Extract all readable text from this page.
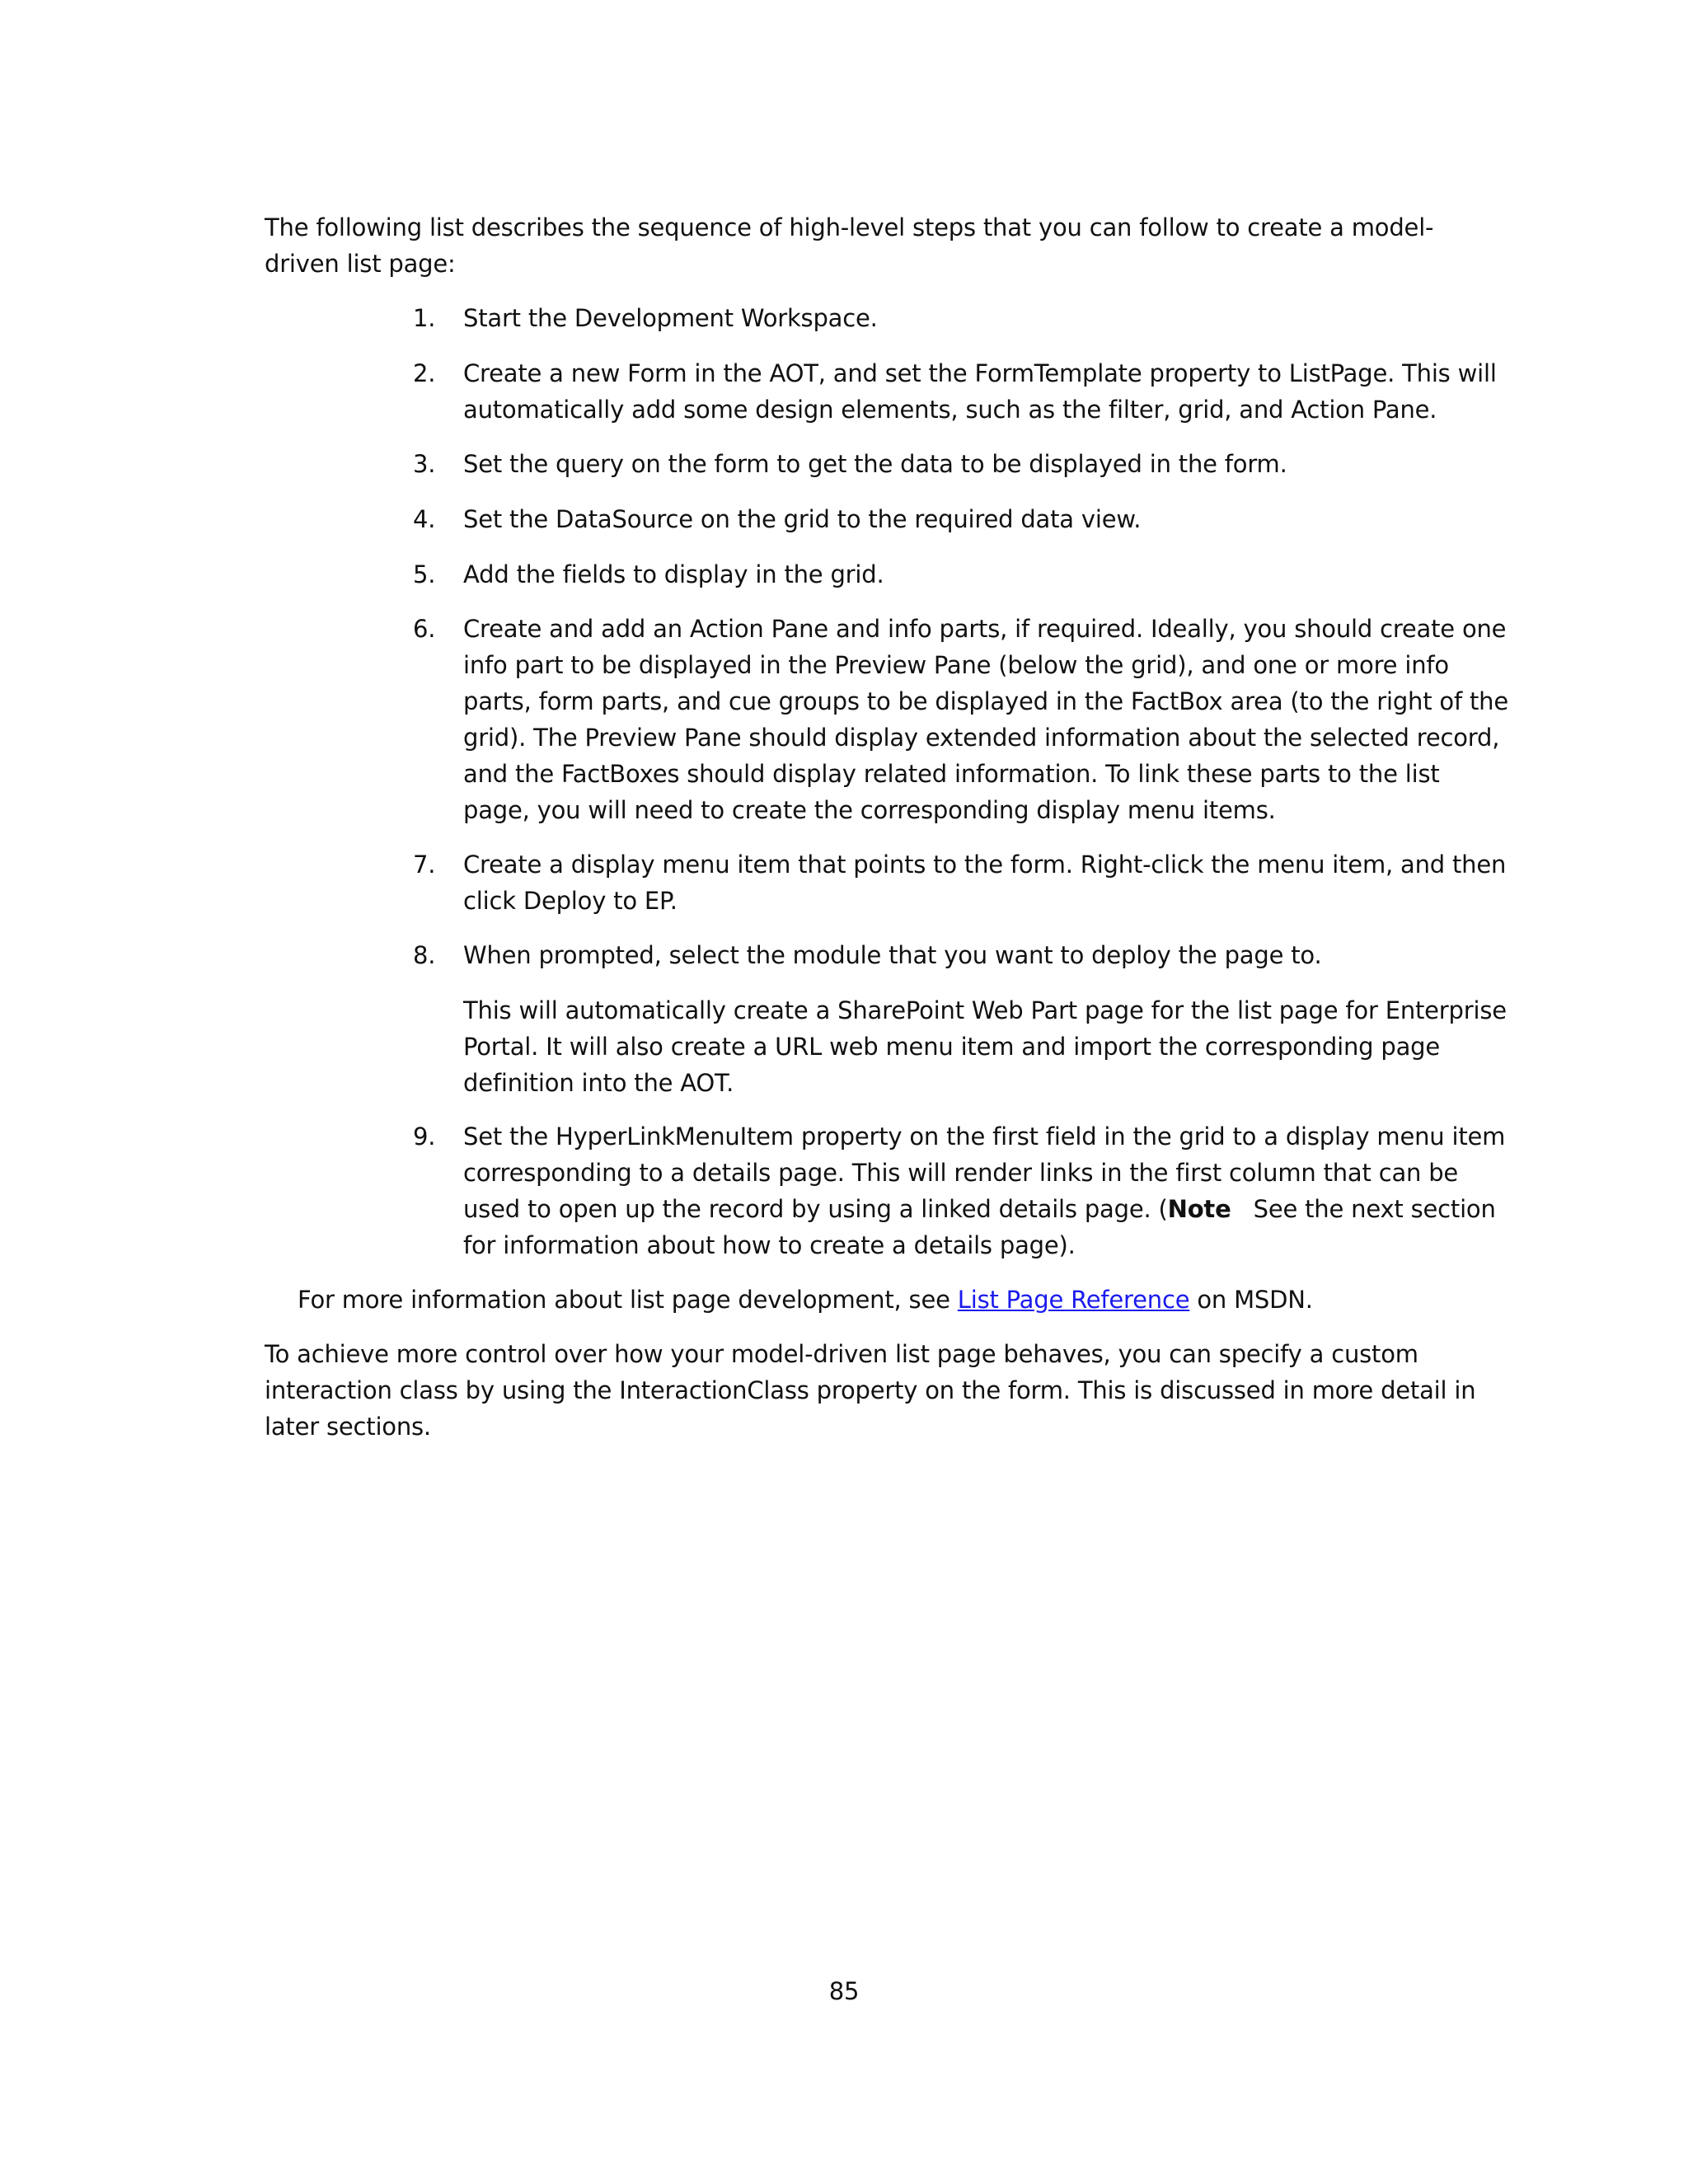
The following list describes the sequence of high-level steps that you can follow to create a model-driven list page:

1. Start the Development Workspace.

2. Create a new Form in the AOT, and set the FormTemplate property to ListPage. This will automatically add some design elements, such as the filter, grid, and Action Pane.

3. Set the query on the form to get the data to be displayed in the form.

4. Set the DataSource on the grid to the required data view.

5. Add the fields to display in the grid.

6. Create and add an Action Pane and info parts, if required. Ideally, you should create one info part to be displayed in the Preview Pane (below the grid), and one or more info parts, form parts, and cue groups to be displayed in the FactBox area (to the right of the grid). The Preview Pane should display extended information about the selected record, and the FactBoxes should display related information. To link these parts to the list page, you will need to create the corresponding display menu items.

7. Create a display menu item that points to the form. Right-click the menu item, and then click Deploy to EP.

8. When prompted, select the module that you want to deploy the page to.

This will automatically create a SharePoint Web Part page for the list page for Enterprise Portal. It will also create a URL web menu item and import the corresponding page definition into the AOT.

9. Set the HyperLinkMenuItem property on the first field in the grid to a display menu item corresponding to a details page. This will render links in the first column that can be used to open up the record by using a linked details page. (Note See the next section for information about how to create a details page).

For more information about list page development, see List Page Reference on MSDN.

To achieve more control over how your model-driven list page behaves, you can specify a custom interaction class by using the InteractionClass property on the form. This is discussed in more detail in later sections.

85
